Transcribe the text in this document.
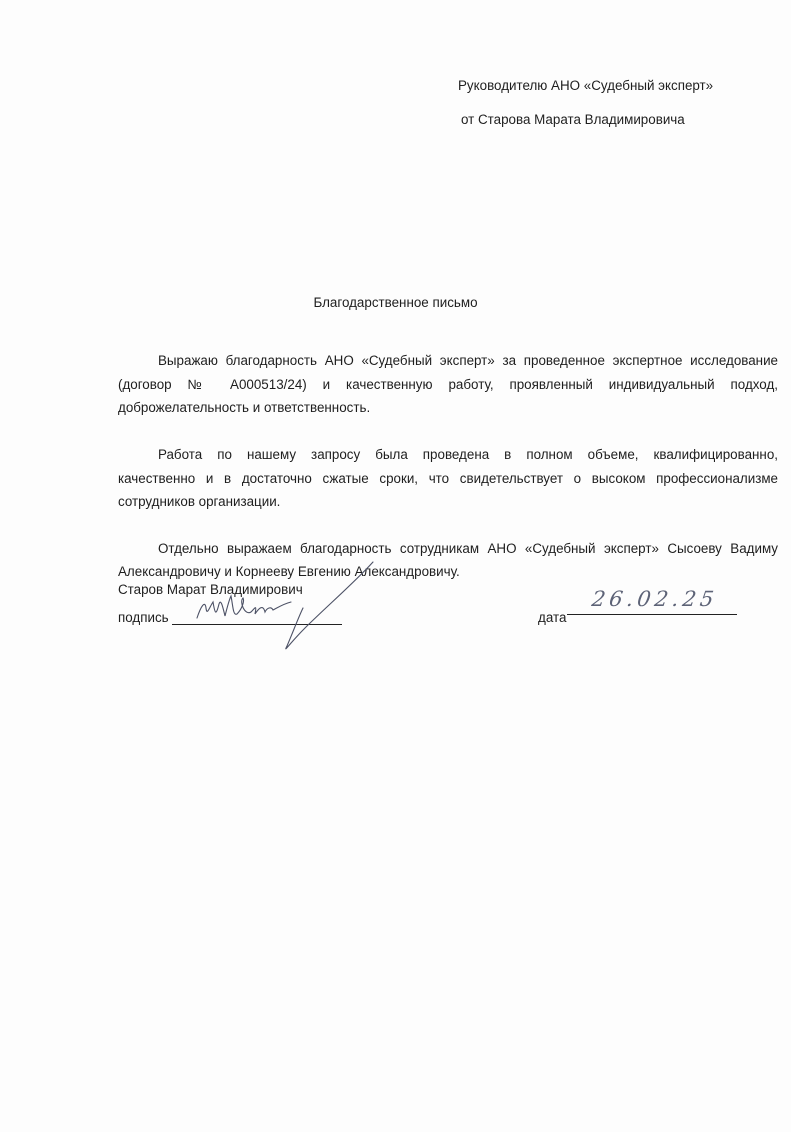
Руководителю АНО «Судебный эксперт»
от Старова Марата Владимировича
Благодарственное письмо
Выражаю благодарность АНО «Судебный эксперт» за проведенное экспертное исследование
(договор № А000513/24) и качественную работу, проявленный индивидуальный подход,
доброжелательность и ответственность.
Работа по нашему запросу была проведена в полном объеме, квалифицированно,
качественно и в достаточно сжатые сроки, что свидетельствует о высоком профессионализме
сотрудников организации.
Отдельно выражаем благодарность сотрудникам АНО «Судебный эксперт» Сысоеву Вадиму
Александровичу и Корнееву Евгению Александровичу.
Старов Марат Владимирович
подпись	дата
26.02.25
